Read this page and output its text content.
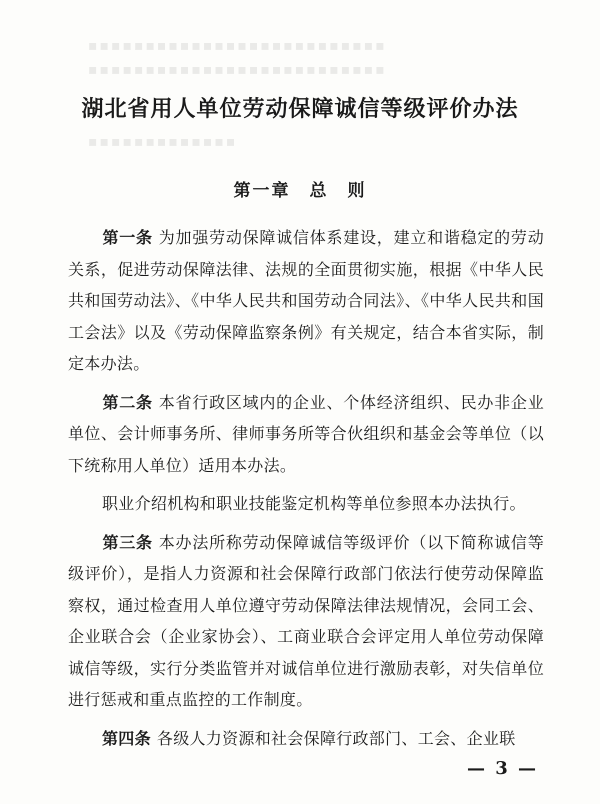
▪▪▪▪▪▪▪▪▪▪▪▪▪▪▪▪▪▪▪▪▪▪▪▪▪▪
▪▪▪▪▪▪▪▪▪▪▪▪▪▪▪▪▪▪▪▪▪▪▪▪▪▪
▪▪▪▪▪▪▪▪▪▪▪▪▪
湖北省用人单位劳动保障诚信等级评价办法
第一章　总　则

第一条 为加强劳动保障诚信体系建设，建立和谐稳定的劳动关系，促进劳动保障法律、法规的全面贯彻实施，根据《中华人民共和国劳动法》、《中华人民共和国劳动合同法》、《中华人民共和国工会法》以及《劳动保障监察条例》有关规定，结合本省实际，制定本办法。

第二条 本省行政区域内的企业、个体经济组织、民办非企业单位、会计师事务所、律师事务所等合伙组织和基金会等单位（以下统称用人单位）适用本办法。

职业介绍机构和职业技能鉴定机构等单位参照本办法执行。

第三条 本办法所称劳动保障诚信等级评价（以下简称诚信等级评价），是指人力资源和社会保障行政部门依法行使劳动保障监察权，通过检查用人单位遵守劳动保障法律法规情况，会同工会、企业联合会（企业家协会）、工商业联合会评定用人单位劳动保障诚信等级，实行分类监管并对诚信单位进行激励表彰，对失信单位进行惩戒和重点监控的工作制度。

第四条 各级人力资源和社会保障行政部门、工会、企业联

— 3 —
